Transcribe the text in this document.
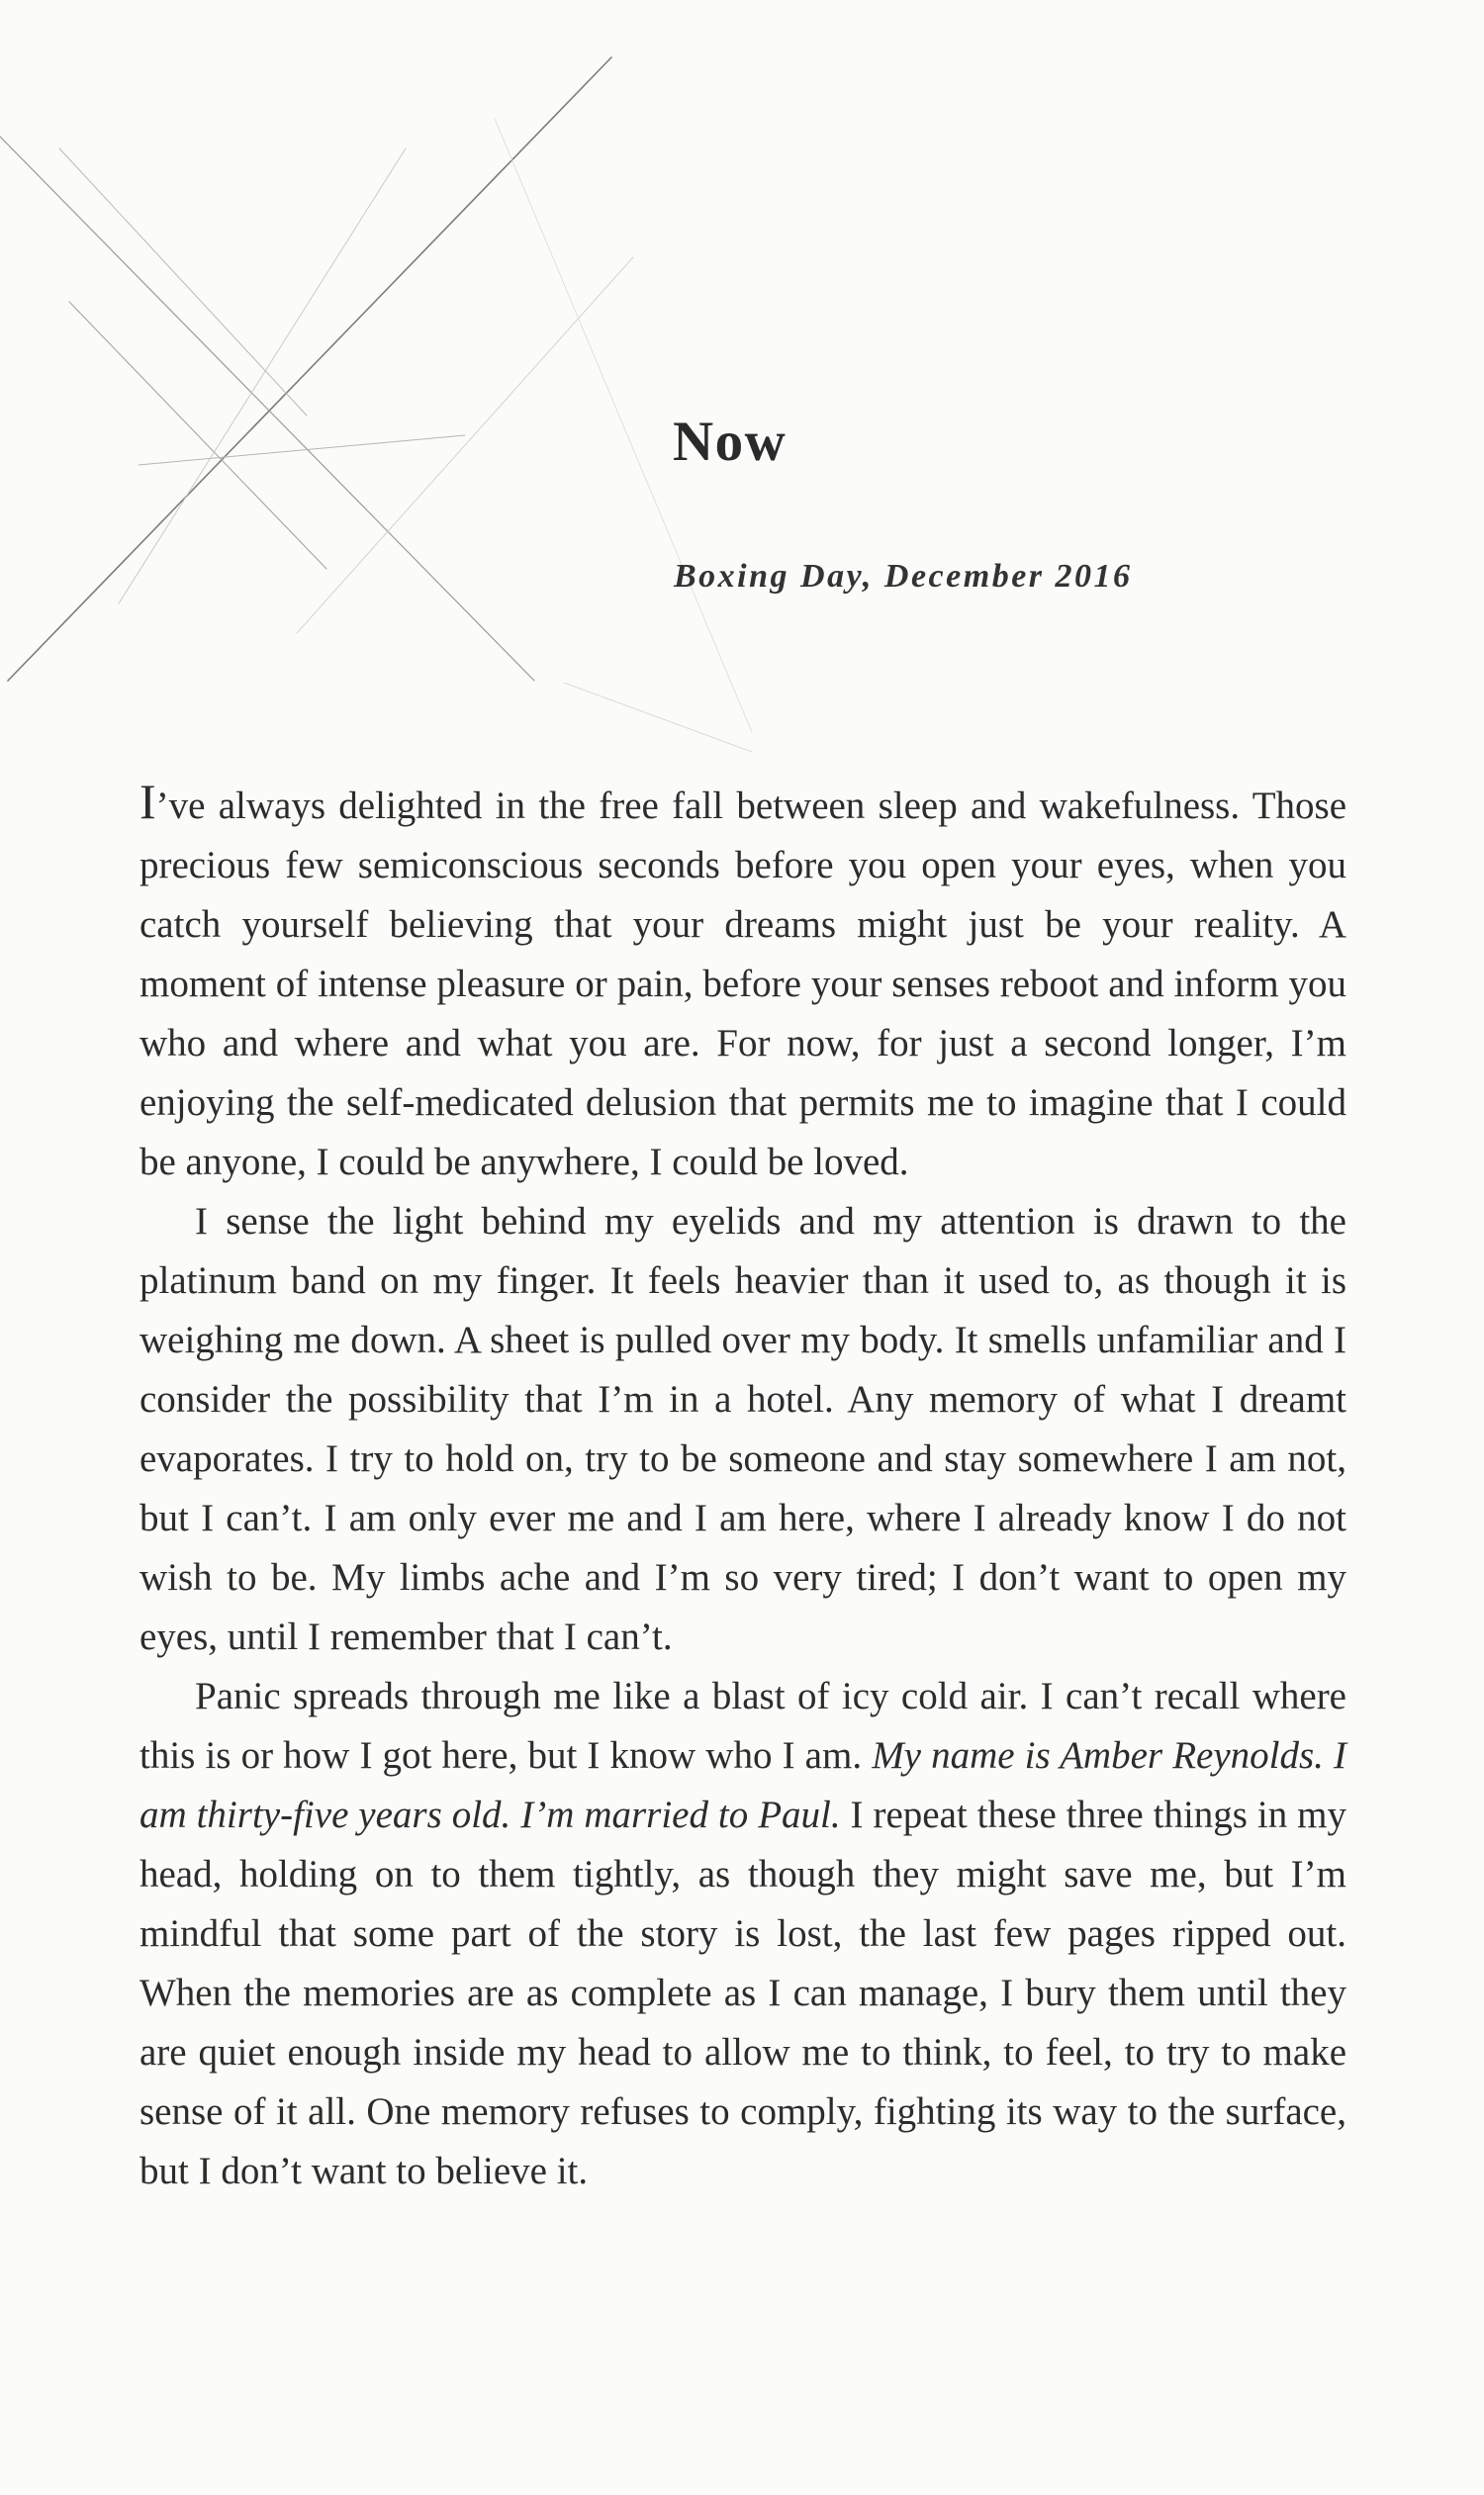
Now
Boxing Day, December 2016

I’ve always delighted in the free fall between sleep and wakefulness. Those precious few semiconscious seconds before you open your eyes, when you catch yourself believing that your dreams might just be your reality. A moment of intense pleasure or pain, before your senses reboot and inform you who and where and what you are. For now, for just a second longer, I’m enjoying the self-medicated delusion that permits me to imagine that I could be anyone, I could be anywhere, I could be loved.

I sense the light behind my eyelids and my attention is drawn to the platinum band on my finger. It feels heavier than it used to, as though it is weighing me down. A sheet is pulled over my body. It smells unfamiliar and I consider the possibility that I’m in a hotel. Any memory of what I dreamt evaporates. I try to hold on, try to be someone and stay somewhere I am not, but I can’t. I am only ever me and I am here, where I already know I do not wish to be. My limbs ache and I’m so very tired; I don’t want to open my eyes, until I remember that I can’t.

Panic spreads through me like a blast of icy cold air. I can’t recall where this is or how I got here, but I know who I am. My name is Amber Reynolds. I am thirty-five years old. I’m married to Paul. I repeat these three things in my head, holding on to them tightly, as though they might save me, but I’m mindful that some part of the story is lost, the last few pages ripped out. When the memories are as complete as I can manage, I bury them until they are quiet enough inside my head to allow me to think, to feel, to try to make sense of it all. One memory refuses to comply, fighting its way to the surface, but I don’t want to believe it.
